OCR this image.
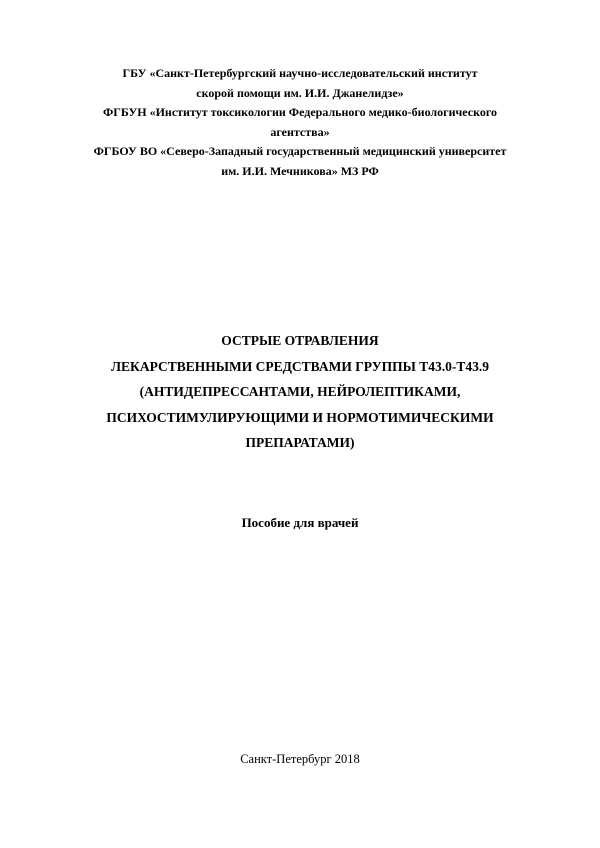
ГБУ «Санкт-Петербургский научно-исследовательский институт
скорой помощи им. И.И. Джанелидзе»
ФГБУН «Институт токсикологии Федерального медико-биологического
агентства»
ФГБОУ ВО «Северо-Западный государственный медицинский университет
им. И.И. Мечникова» МЗ РФ
ОСТРЫЕ ОТРАВЛЕНИЯ
ЛЕКАРСТВЕННЫМИ СРЕДСТВАМИ ГРУППЫ Т43.0-Т43.9
(АНТИДЕПРЕССАНТАМИ, НЕЙРОЛЕПТИКАМИ,
ПСИХОСТИМУЛИРУЮЩИМИ И НОРМОТИМИЧЕСКИМИ
ПРЕПАРАТАМИ)
Пособие для врачей
Санкт-Петербург 2018
